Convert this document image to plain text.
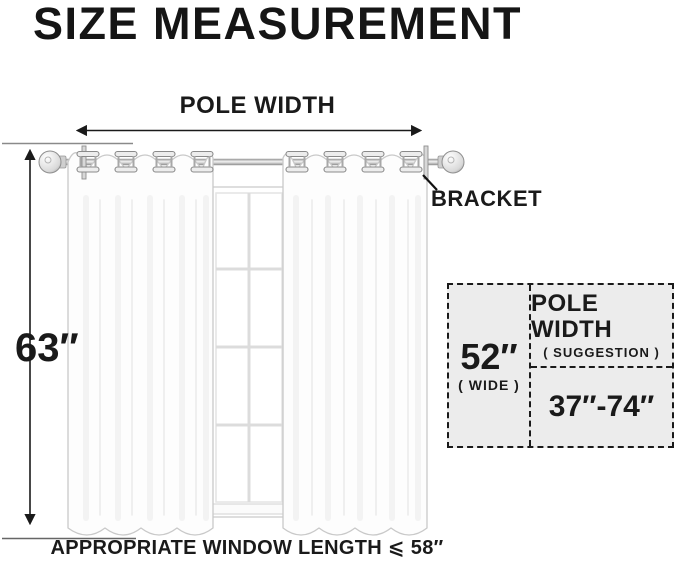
SIZE MEASUREMENT
POLE WIDTH
BRACKET
63″
APPROPRIATE WINDOW LENGTH ⩽ 58″
52″
( WIDE )
POLE WIDTH
( SUGGESTION )
37″-74″
